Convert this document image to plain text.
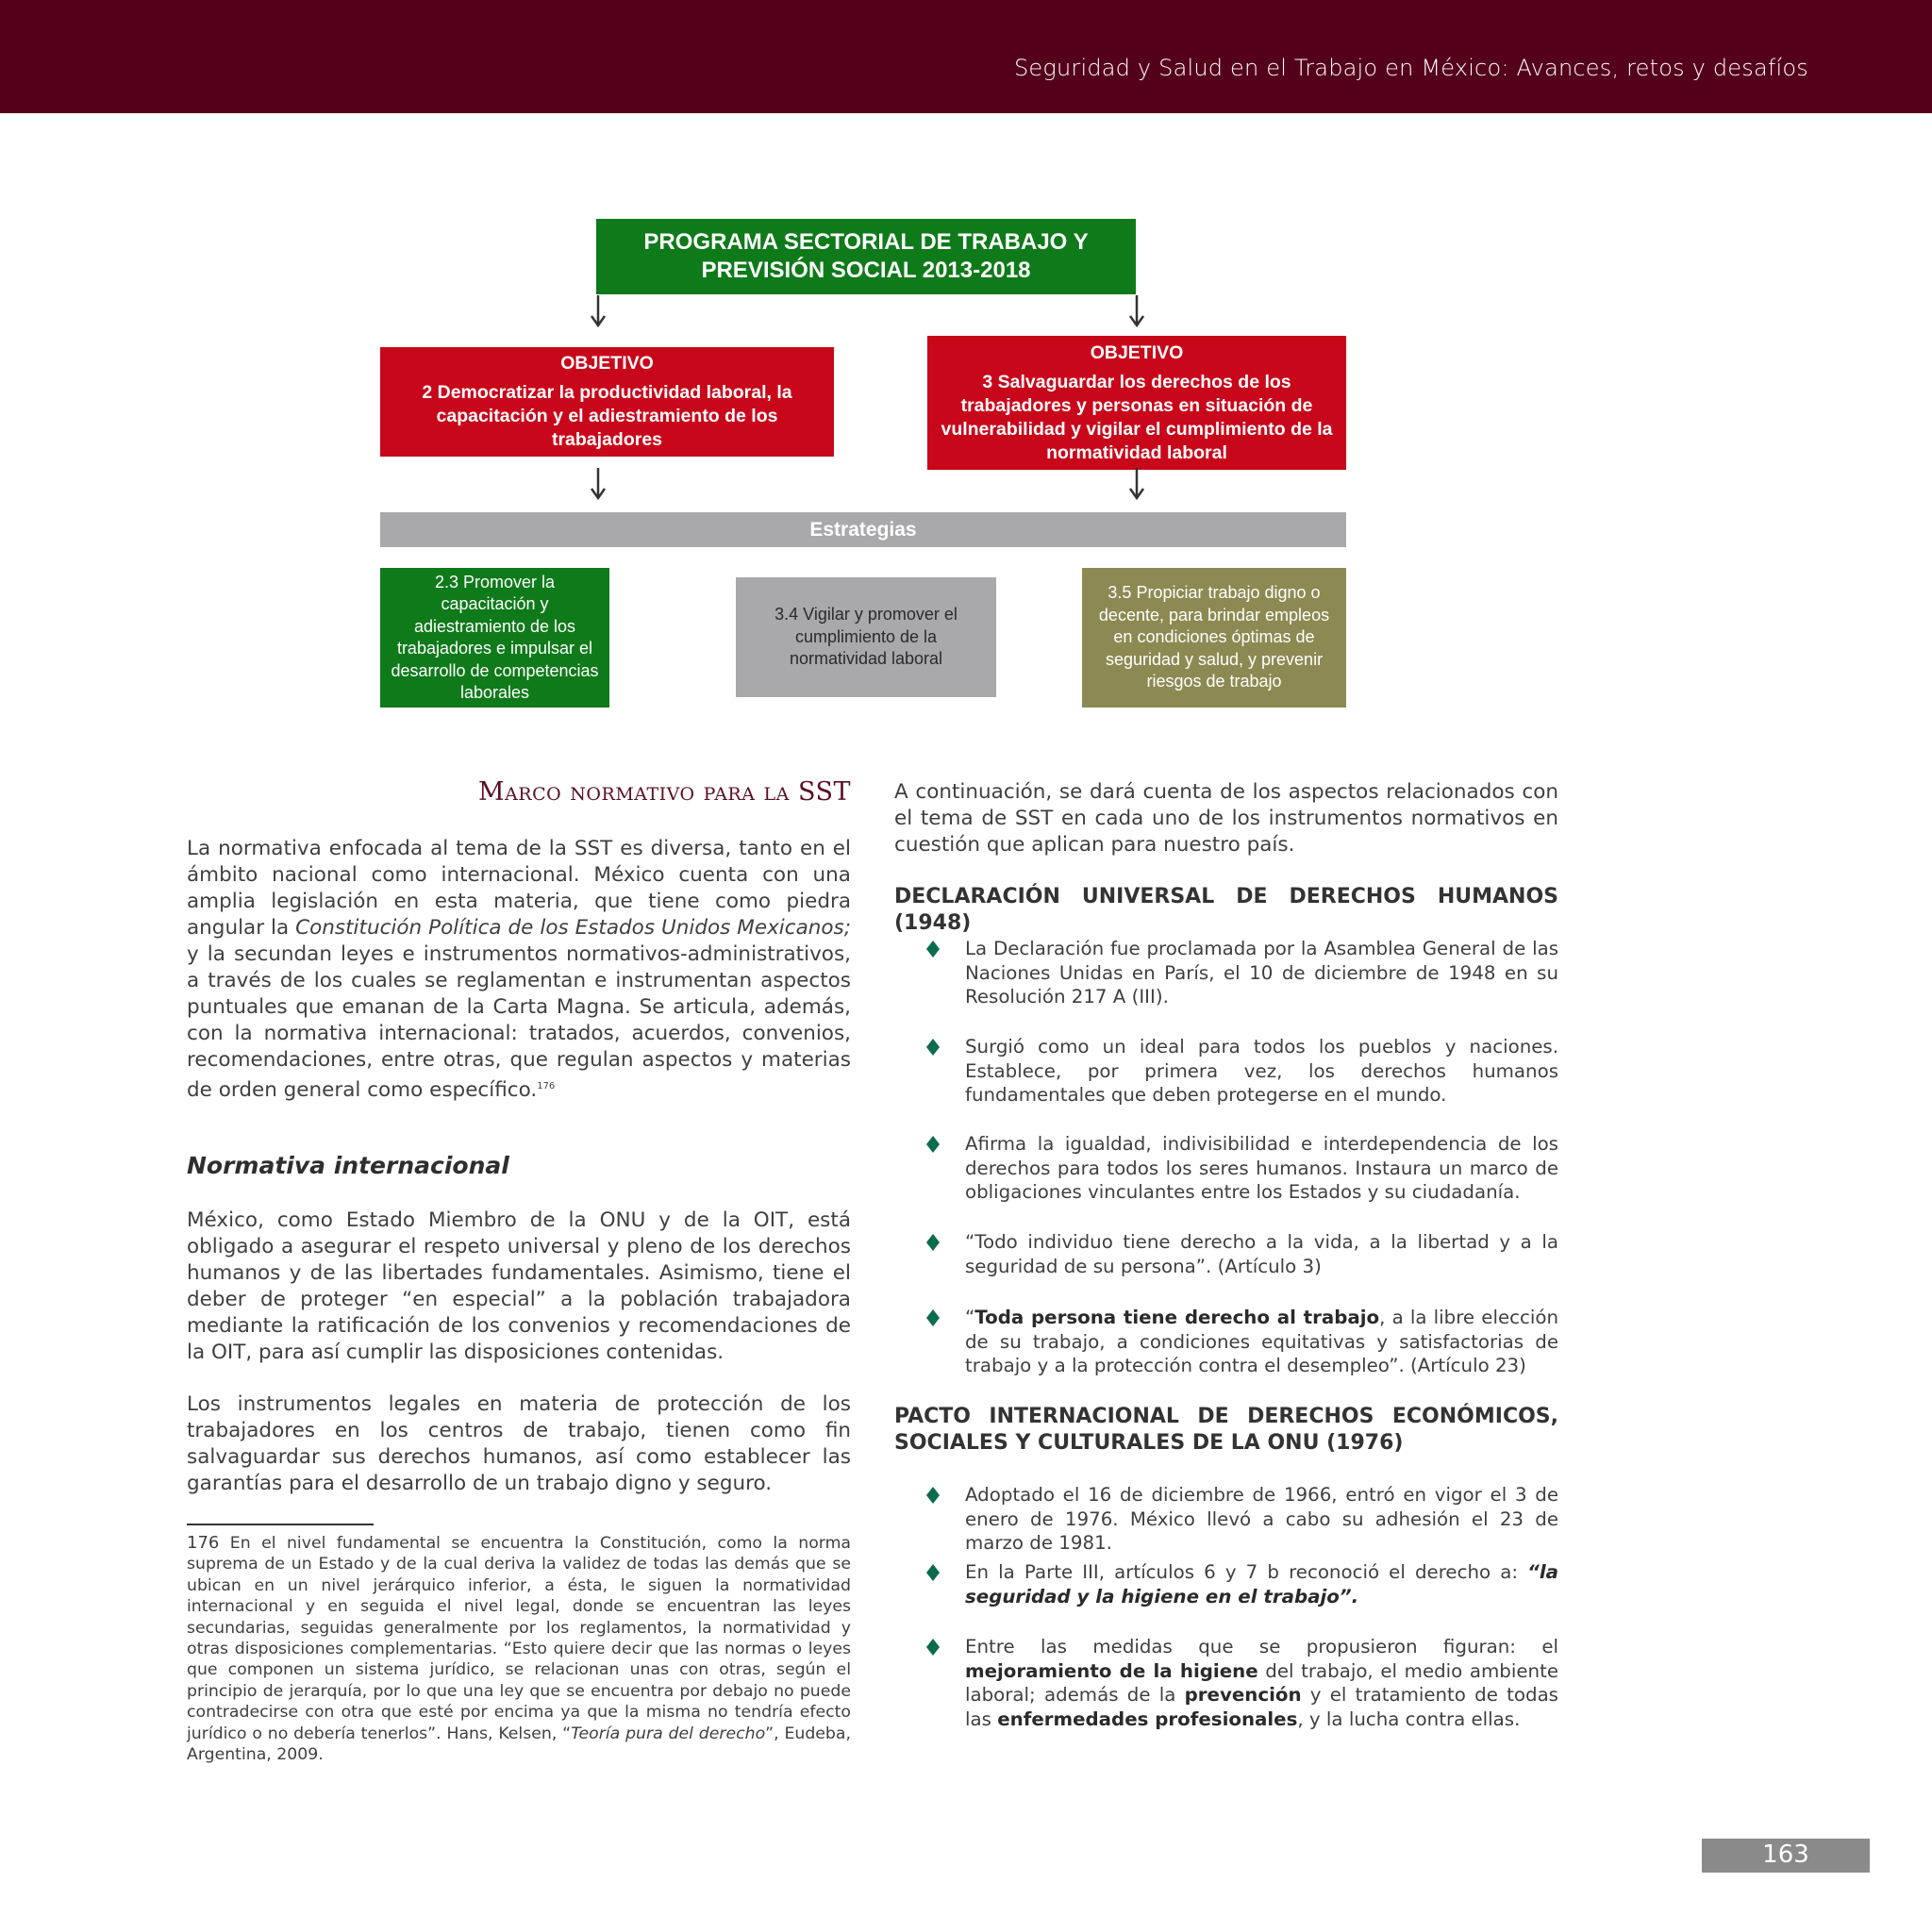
Seguridad y Salud en el Trabajo en México: Avances, retos y desafíos
PROGRAMA SECTORIAL DE TRABAJO Y PREVISIÓN SOCIAL 2013-2018
OBJETIVO
2 Democratizar la productividad laboral, la capacitación y el adiestramiento de los trabajadores
OBJETIVO
3 Salvaguardar los derechos de los trabajadores y personas en situación de vulnerabilidad y vigilar el cumplimiento de la normatividad laboral
Estrategias
2.3 Promover la capacitación y adiestramiento de los trabajadores e impulsar el desarrollo de competencias laborales
3.4 Vigilar y promover el cumplimiento de la normatividad laboral
3.5 Propiciar trabajo digno o decente, para brindar empleos en condiciones óptimas de seguridad y salud, y prevenir riesgos de trabajo
Marco normativo para la SST
La normativa enfocada al tema de la SST es diversa, tanto en el ámbito nacional como internacional. México cuenta con una amplia legislación en esta materia, que tiene como piedra angular la Constitución Política de los Estados Unidos Mexicanos; y la secundan leyes e instrumentos normativos-administrativos, a través de los cuales se reglamentan e instrumentan aspectos puntuales que emanan de la Carta Magna. Se articula, además, con la normativa internacional: tratados, acuerdos, convenios, recomendaciones, entre otras, que regulan aspectos y materias de orden general como específico.$^{176}$
Normativa internacional
México, como Estado Miembro de la ONU y de la OIT, está obligado a asegurar el respeto universal y pleno de los derechos humanos y de las libertades fundamentales. Asimismo, tiene el deber de proteger “en especial” a la población trabajadora mediante la ratificación de los convenios y recomendaciones de la OIT, para así cumplir las disposiciones contenidas.
Los instrumentos legales en materia de protección de los trabajadores en los centros de trabajo, tienen como fin salvaguardar sus derechos humanos, así como establecer las garantías para el desarrollo de un trabajo digno y seguro.
176 En el nivel fundamental se encuentra la Constitución, como la norma suprema de un Estado y de la cual deriva la validez de todas las demás que se ubican en un nivel jerárquico inferior, a ésta, le siguen la normatividad internacional y en seguida el nivel legal, donde se encuentran las leyes secundarias, seguidas generalmente por los reglamentos, la normatividad y otras disposiciones complementarias. “Esto quiere decir que las normas o leyes que componen un sistema jurídico, se relacionan unas con otras, según el principio de jerarquía, por lo que una ley que se encuentra por debajo no puede contradecirse con otra que esté por encima ya que la misma no tendría efecto jurídico o no debería tenerlos”. Hans, Kelsen, “Teoría pura del derecho”, Eudeba, Argentina, 2009.
A continuación, se dará cuenta de los aspectos relacionados con el tema de SST en cada uno de los instrumentos normativos en cuestión que aplican para nuestro país.
DECLARACIÓN UNIVERSAL DE DERECHOS HUMANOS (1948)
La Declaración fue proclamada por la Asamblea General de las Naciones Unidas en París, el 10 de diciembre de 1948 en su Resolución 217 A (III).
Surgió como un ideal para todos los pueblos y naciones. Establece, por primera vez, los derechos humanos fundamentales que deben protegerse en el mundo.
Afirma la igualdad, indivisibilidad e interdependencia de los derechos para todos los seres humanos. Instaura un marco de obligaciones vinculantes entre los Estados y su ciudadanía.
“Todo individuo tiene derecho a la vida, a la libertad y a la seguridad de su persona”. (Artículo 3)
“Toda persona tiene derecho al trabajo, a la libre elección de su trabajo, a condiciones equitativas y satisfactorias de trabajo y a la protección contra el desempleo”. (Artículo 23)
PACTO INTERNACIONAL DE DERECHOS ECONÓMICOS, SOCIALES Y CULTURALES DE LA ONU (1976)
Adoptado el 16 de diciembre de 1966, entró en vigor el 3 de enero de 1976. México llevó a cabo su adhesión el 23 de marzo de 1981.
En la Parte III, artículos 6 y 7 b reconoció el derecho a: “la seguridad y la higiene en el trabajo”.
Entre las medidas que se propusieron figuran: el mejoramiento de la higiene del trabajo, el medio ambiente laboral; además de la prevención y el tratamiento de todas las enfermedades profesionales, y la lucha contra ellas.
163
